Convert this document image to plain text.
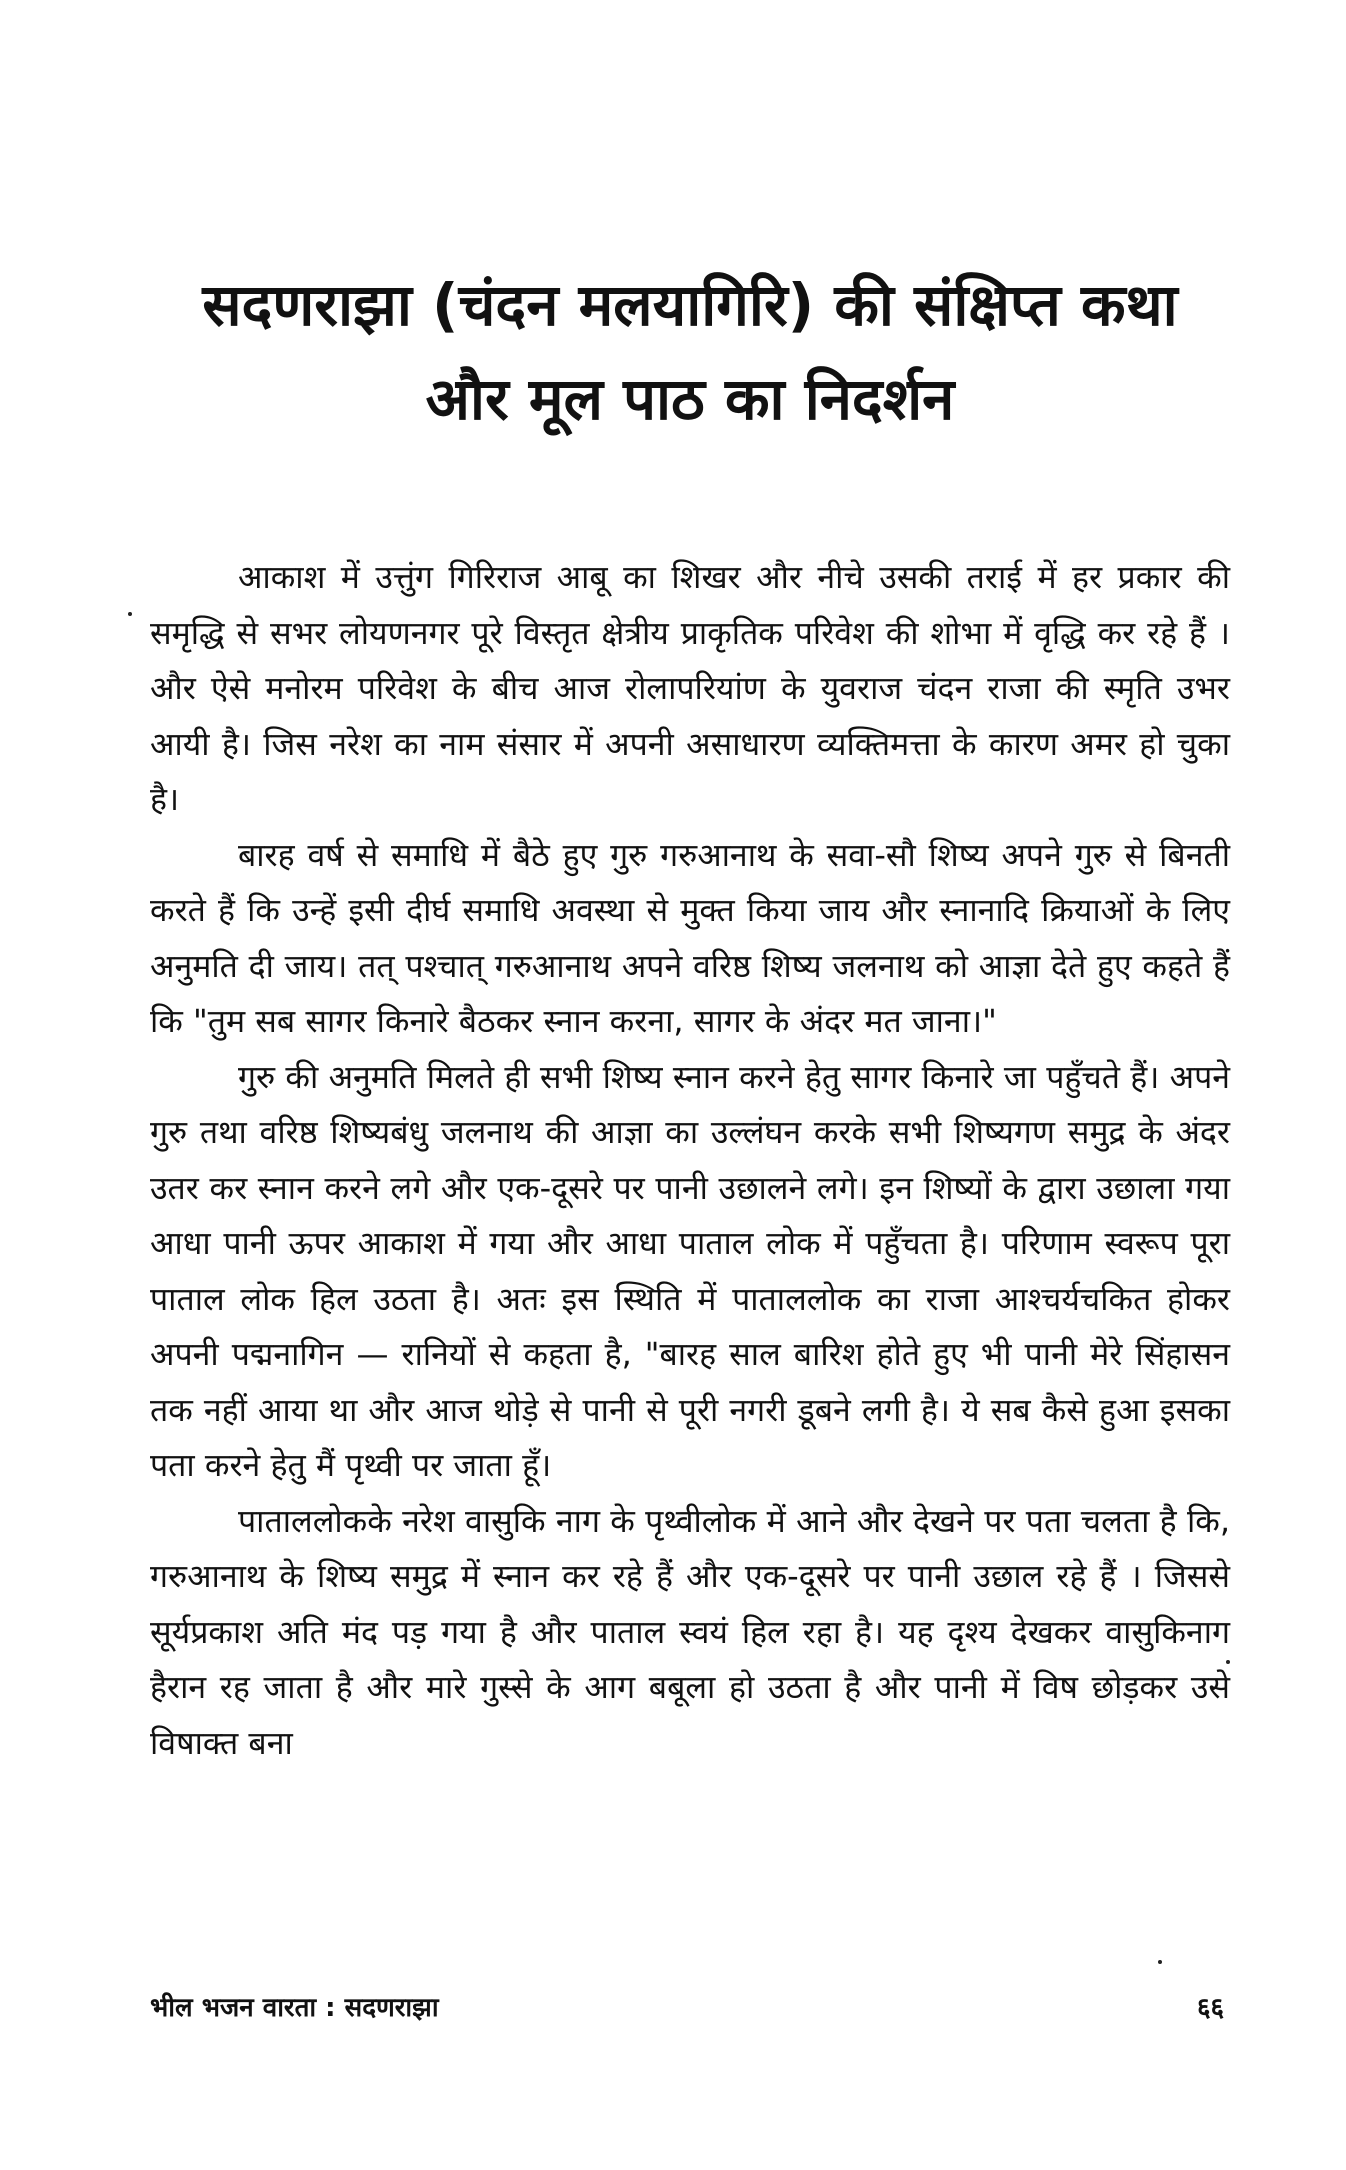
सदणराझा (चंदन मलयागिरि) की संक्षिप्त कथा
और मूल पाठ का निदर्शन

आकाश में उत्तुंग गिरिराज आबू का शिखर और नीचे उसकी तराई में हर प्रकार की समृद्धि से सभर लोयणनगर पूरे विस्तृत क्षेत्रीय प्राकृतिक परिवेश की शोभा में वृद्धि कर रहे हैं । और ऐसे मनोरम परिवेश के बीच आज रोलापरियांण के युवराज चंदन राजा की स्मृति उभर आयी है। जिस नरेश का नाम संसार में अपनी असाधारण व्यक्तिमत्ता के कारण अमर हो चुका है।

बारह वर्ष से समाधि में बैठे हुए गुरु गरुआनाथ के सवा-सौ शिष्य अपने गुरु से बिनती करते हैं कि उन्हें इसी दीर्घ समाधि अवस्था से मुक्त किया जाय और स्नानादि क्रियाओं के लिए अनुमति दी जाय। तत् पश्चात् गरुआनाथ अपने वरिष्ठ शिष्य जलनाथ को आज्ञा देते हुए कहते हैं कि "तुम सब सागर किनारे बैठकर स्नान करना, सागर के अंदर मत जाना।"

गुरु की अनुमति मिलते ही सभी शिष्य स्नान करने हेतु सागर किनारे जा पहुँचते हैं। अपने गुरु तथा वरिष्ठ शिष्यबंधु जलनाथ की आज्ञा का उल्लंघन करके सभी शिष्यगण समुद्र के अंदर उतर कर स्नान करने लगे और एक-दूसरे पर पानी उछालने लगे। इन शिष्यों के द्वारा उछाला गया आधा पानी ऊपर आकाश में गया और आधा पाताल लोक में पहुँचता है। परिणाम स्वरूप पूरा पाताल लोक हिल उठता है। अतः इस स्थिति में पाताललोक का राजा आश्चर्यचकित होकर अपनी पद्मनागिन — रानियों से कहता है, "बारह साल बारिश होते हुए भी पानी मेरे सिंहासन तक नहीं आया था और आज थोड़े से पानी से पूरी नगरी डूबने लगी है। ये सब कैसे हुआ इसका पता करने हेतु मैं पृथ्वी पर जाता हूँ।

पाताललोकके नरेश वासुकि नाग के पृथ्वीलोक में आने और देखने पर पता चलता है कि, गरुआनाथ के शिष्य समुद्र में स्नान कर रहे हैं और एक-दूसरे पर पानी उछाल रहे हैं । जिससे सूर्यप्रकाश अति मंद पड़ गया है और पाताल स्वयं हिल रहा है। यह दृश्य देखकर वासुकिनाग हैरान रह जाता है और मारे गुस्से के आग बबूला हो उठता है और पानी में विष छोड़कर उसे विषाक्त बना

भील भजन वारता : सदणराझा	६६
